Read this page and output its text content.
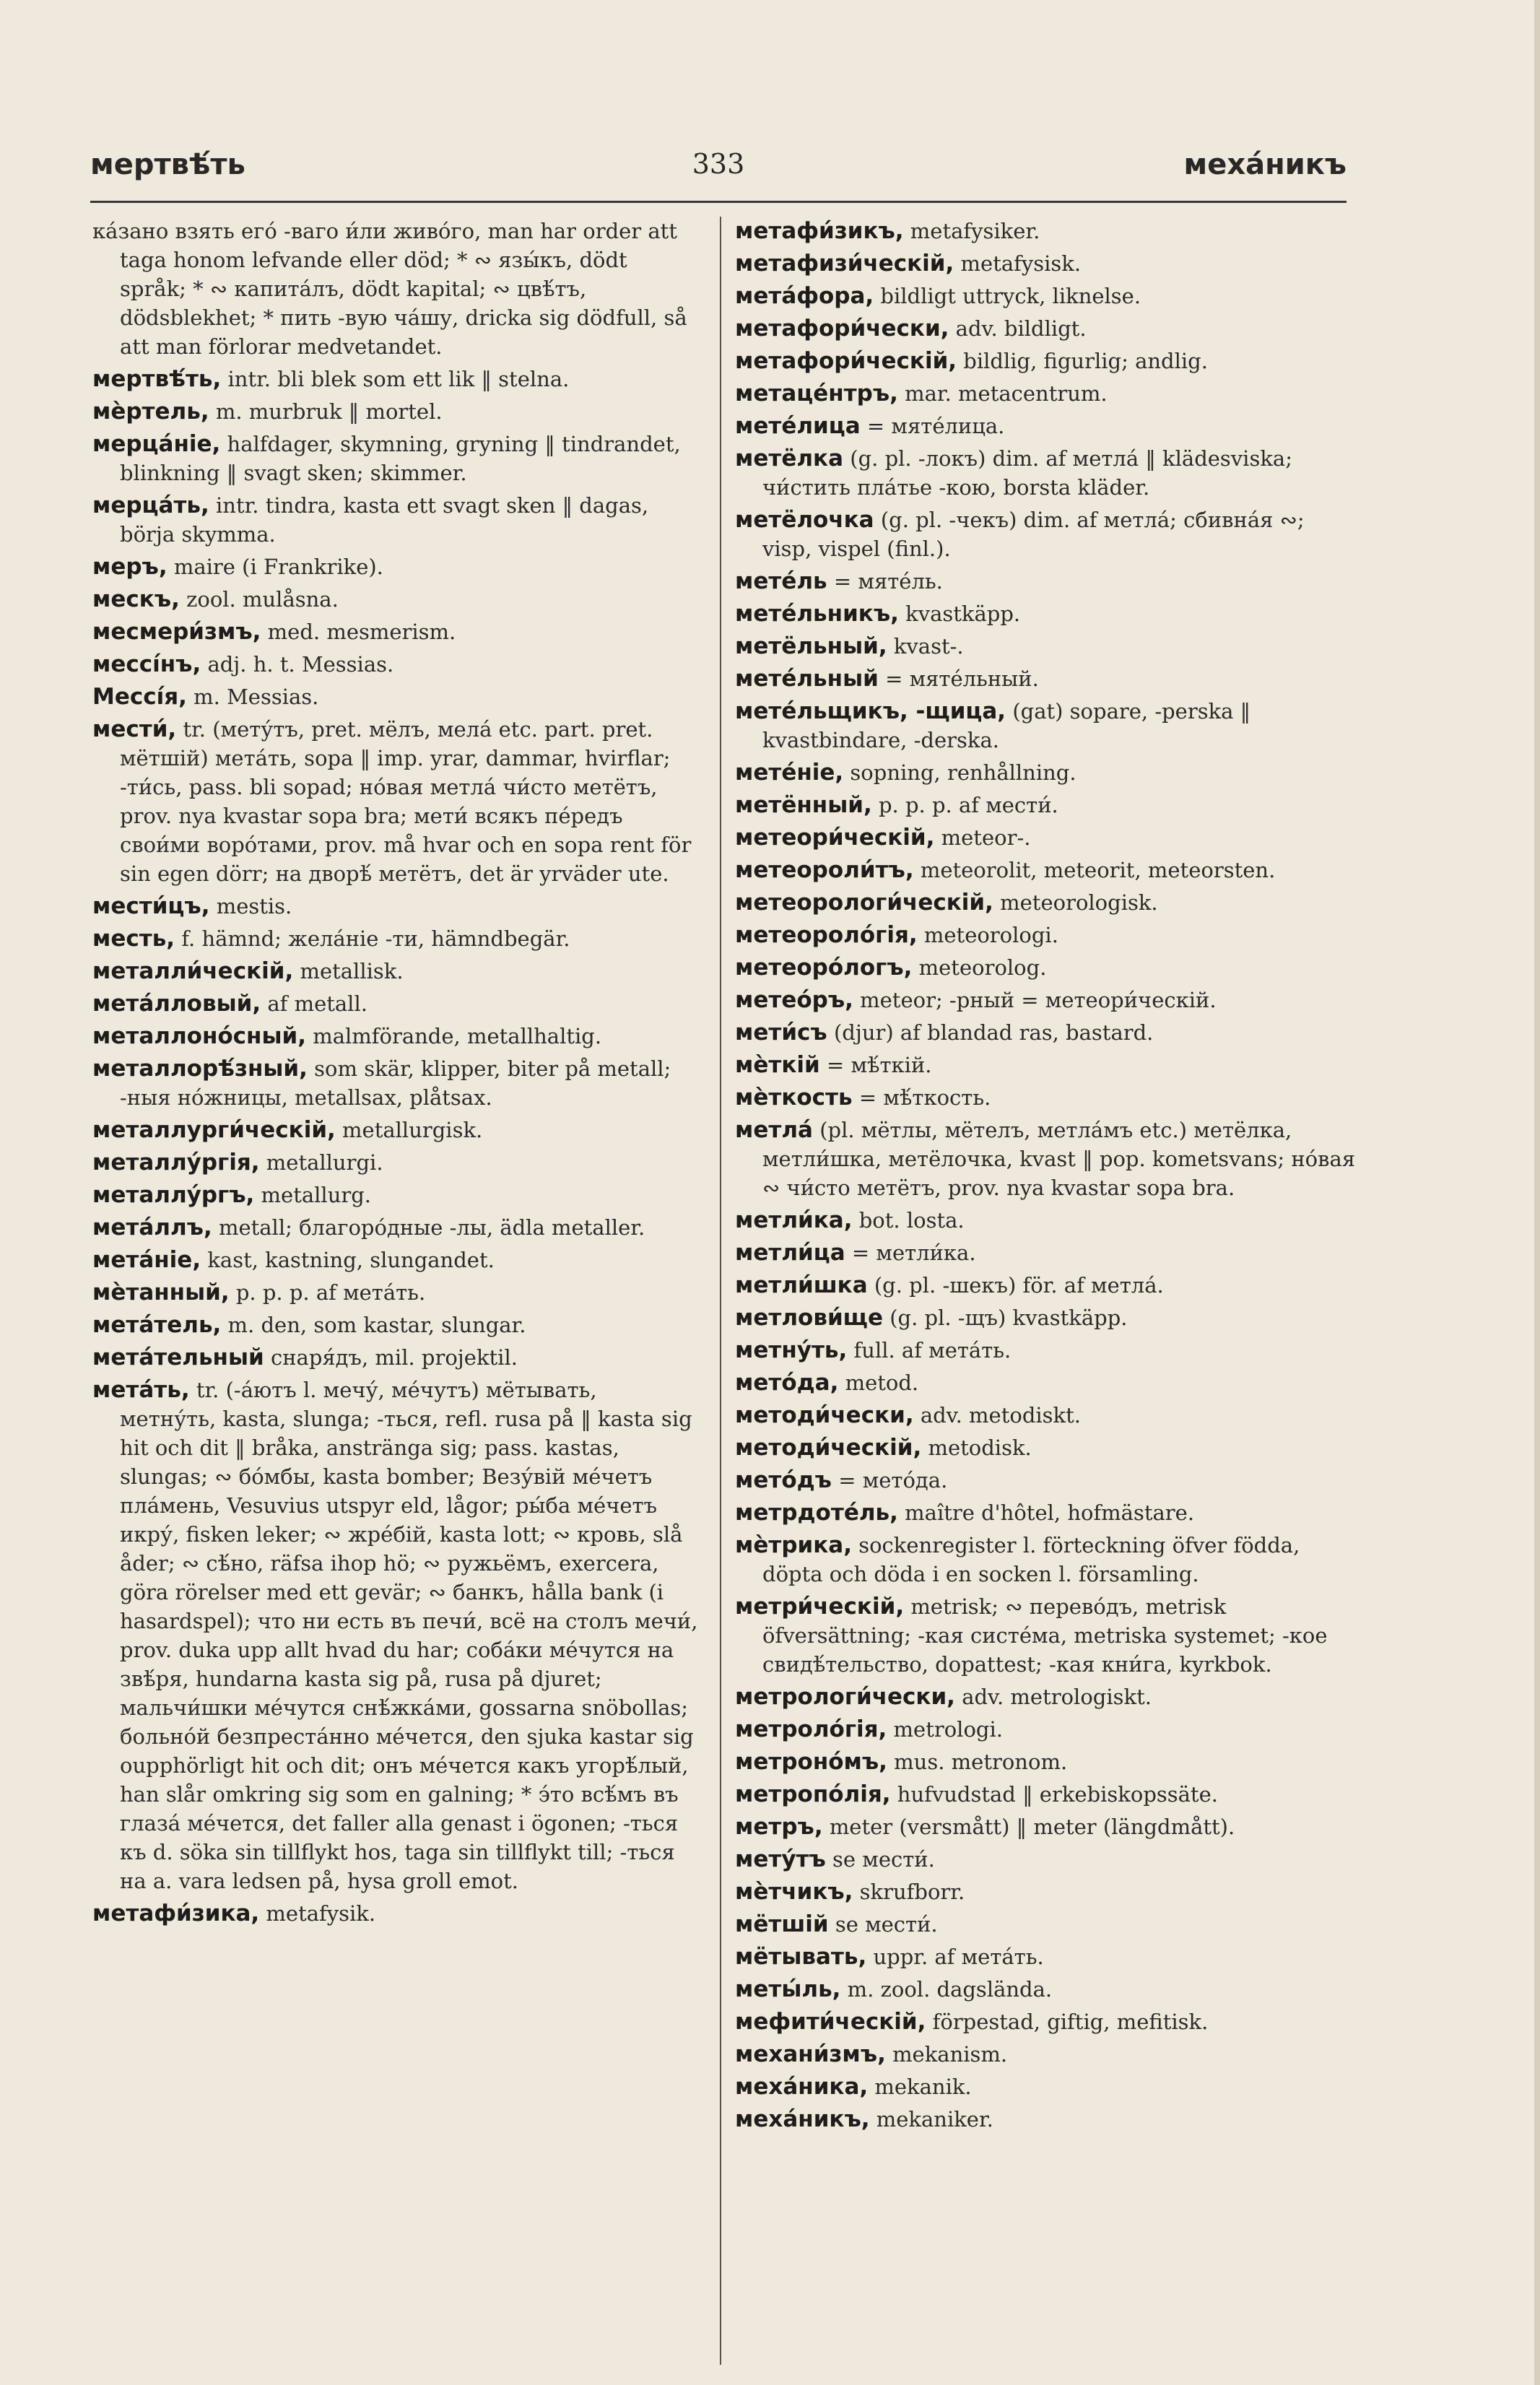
333
мертвѣ́ть	меха́никъ

ка́зано взять его́ -ваго и́ли живо́го, man har order att taga honom lefvande eller död; * ∾ язы́къ, dödt språk; * ∾ капита́лъ, dödt kapital; ∾ цвѣ́тъ, dödsblekhet; * пить -вую ча́шу, dricka sig dödfull, så att man förlorar medvetandet.

мертвѣ́ть, intr. bli blek som ett lik ‖ stelna.

мѐртель, m. murbruk ‖ mortel.

мерца́ніе, halfdager, skymning, gryning ‖ tindrandet, blinkning ‖ svagt sken; skimmer.

мерца́ть, intr. tindra, kasta ett svagt sken ‖ dagas, börja skymma.

меръ, maire (i Frankrike).

мескъ, zool. mulåsna.

месмери́змъ, med. mesmerism.

мессі́нъ, adj. h. t. Messias.

Мессі́я, m. Messias.

мести́, tr. (мету́тъ, pret. мёлъ, мела́ etc. part. pret. мётшій) мета́ть, sopa ‖ imp. yrar, dammar, hvirflar; -ти́сь, pass. bli sopad; но́вая метла́ чи́сто метётъ, prov. nya kvastar sopa bra; мети́ всякъ пе́редъ свои́ми воро́тами, prov. må hvar och en sopa rent för sin egen dörr; на дворѣ́ метётъ, det är yrväder ute.

мести́цъ, mestis.

месть, f. hämnd; жела́ніе -ти, hämndbegär.

металли́ческій, metallisk.

мета́лловый, af metall.

металлоно́сный, malmförande, metallhaltig.

металлорѣ́зный, som skär, klipper, biter på metall; -ныя но́жницы, metallsax, plåtsax.

металлурги́ческій, metallurgisk.

металлу́ргія, metallurgi.

металлу́ргъ, metallurg.

мета́ллъ, metall; благоро́дные -лы, ädla metaller.

мета́ніе, kast, kastning, slungandet.

мѐтанный, p. p. p. af мета́ть.

мета́тель, m. den, som kastar, slungar.

мета́тельный снаря́дъ, mil. projektil.

мета́ть, tr. (-а́ютъ l. мечу́, ме́чутъ) мётывать, метну́ть, kasta, slunga; -ться, refl. rusa på ‖ kasta sig hit och dit ‖ bråka, anstränga sig; pass. kastas, slungas; ∾ бо́мбы, kasta bomber; Везу́вій ме́четъ пла́мень, Vesuvius utspyr eld, lågor; ры́ба ме́четъ икру́, fisken leker; ∾ жре́бій, kasta lott; ∾ кровь, slå åder; ∾ сѣ́но, räfsa ihop hö; ∾ ружьёмъ, exercera, göra rörelser med ett gevär; ∾ банкъ, hålla bank (i hasardspel); что ни есть въ печи́, всё на столъ мечи́, prov. duka upp allt hvad du har; соба́ки ме́чутся на звѣ́ря, hundarna kasta sig på, rusa på djuret; мальчи́шки ме́чутся снѣ́жка́ми, gossarna snöbollas; больно́й безпреста́нно ме́чется, den sjuka kastar sig oupphörligt hit och dit; онъ ме́чется какъ угорѣ́лый, han slår omkring sig som en galning; * э́то всѣ́мъ въ глаза́ ме́чется, det faller alla genast i ögonen; -ться къ d. söka sin tillflykt hos, taga sin tillflykt till; -ться на a. vara ledsen på, hysa groll emot.

метафи́зика, metafysik.

метафи́зикъ, metafysiker.

метафизи́ческій, metafysisk.

мета́фора, bildligt uttryck, liknelse.

метафори́чески, adv. bildligt.

метафори́ческій, bildlig, figurlig; andlig.

метаце́нтръ, mar. metacentrum.

мете́лица = мяте́лица.

метёлка (g. pl. -локъ) dim. af метла́ ‖ klädesviska; чи́стить пла́тье -кою, borsta kläder.

метёлочка (g. pl. -чекъ) dim. af метла́; сбивна́я ∾; visp, vispel (finl.).

мете́ль = мяте́ль.

мете́льникъ, kvastkäpp.

метёльный, kvast-.

мете́льный = мяте́льный.

мете́льщикъ, -щица, (gat) sopare, -perska ‖ kvastbindare, -derska.

мете́ніе, sopning, renhållning.

метённый, p. p. p. af мести́.

метеори́ческій, meteor-.

метеороли́тъ, meteorolit, meteorit, meteorsten.

метеорологи́ческій, meteorologisk.

метеороло́гія, meteorologi.

метеоро́логъ, meteorolog.

метео́ръ, meteor; -рный = метеори́ческій.

мети́съ (djur) af blandad ras, bastard.

мѐткій = мѣ́ткій.

мѐткость = мѣ́ткость.

метла́ (pl. мётлы, мётелъ, метла́мъ etc.) метёлка, метли́шка, метёлочка, kvast ‖ pop. kometsvans; но́вая ∾ чи́сто метётъ, prov. nya kvastar sopa bra.

метли́ка, bot. losta.

метли́ца = метли́ка.

метли́шка (g. pl. -шекъ) för. af метла́.

метлови́ще (g. pl. -щъ) kvastkäpp.

метну́ть, full. af мета́ть.

мето́да, metod.

методи́чески, adv. metodiskt.

методи́ческій, metodisk.

мето́дъ = мето́да.

метрдоте́ль, maître d'hôtel, hofmästare.

мѐтрика, sockenregister l. förteckning öfver födda, döpta och döda i en socken l. församling.

метри́ческій, metrisk; ∾ перево́дъ, metrisk öfversättning; -кая систе́ма, metriska systemet; -кое свидѣ́тельство, dopattest; -кая кни́га, kyrkbok.

метрологи́чески, adv. metrologiskt.

метроло́гія, metrologi.

метроно́мъ, mus. metronom.

метропо́лія, hufvudstad ‖ erkebiskopssäte.

метръ, meter (versmått) ‖ meter (längdmått).

мету́тъ se мести́.

мѐтчикъ, skrufborr.

мётшій se мести́.

мётывать, uppr. af мета́ть.

меты́ль, m. zool. dagslända.

мефити́ческій, förpestad, giftig, mefitisk.

механи́змъ, mekanism.

меха́ника, mekanik.

меха́никъ, mekaniker.
